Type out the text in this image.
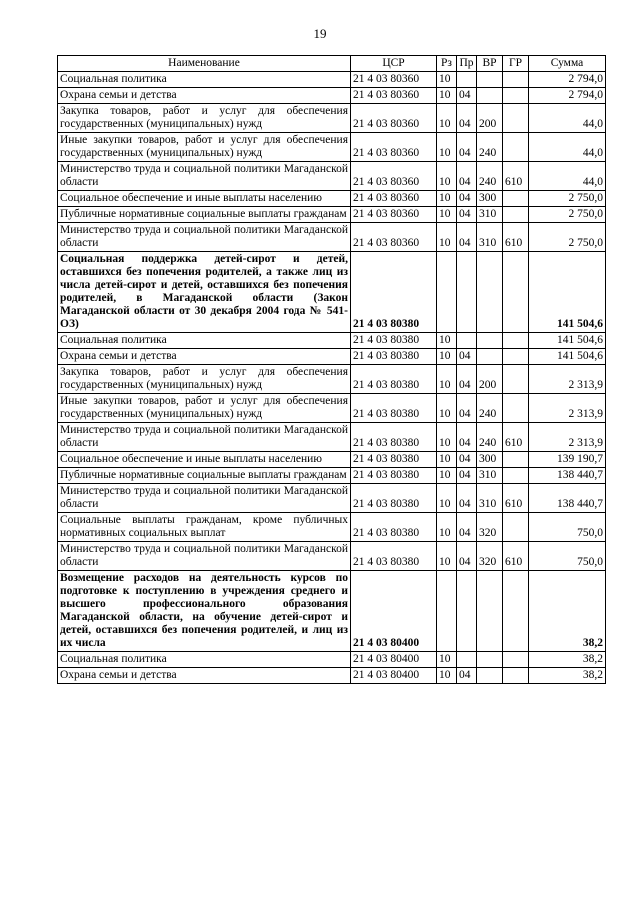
19
Наименование	ЦСР	Рз	Пр	ВР	ГР	Сумма
Социальная политика	21 4 03 80360	10				2 794,0
Охрана семьи и детства	21 4 03 80360	10	04			2 794,0
Закупка товаров, работ и услуг для обеспечения государственных (муниципальных) нужд	21 4 03 80360	10	04	200		44,0
Иные закупки товаров, работ и услуг для обеспечения государственных (муниципальных) нужд	21 4 03 80360	10	04	240		44,0
Министерство труда и социальной политики Магаданской области	21 4 03 80360	10	04	240	610	44,0
Социальное обеспечение и иные выплаты населению	21 4 03 80360	10	04	300		2 750,0
Публичные нормативные социальные выплаты гражданам	21 4 03 80360	10	04	310		2 750,0
Министерство труда и социальной политики Магаданской области	21 4 03 80360	10	04	310	610	2 750,0
Социальная поддержка детей-сирот и детей, оставшихся без попечения родителей, а также лиц из числа детей-сирот и детей, оставшихся без попечения родителей, в Магаданской области (Закон Магаданской области от 30 декабря 2004 года № 541-ОЗ)	21 4 03 80380					141 504,6
Социальная политика	21 4 03 80380	10				141 504,6
Охрана семьи и детства	21 4 03 80380	10	04			141 504,6
Закупка товаров, работ и услуг для обеспечения государственных (муниципальных) нужд	21 4 03 80380	10	04	200		2 313,9
Иные закупки товаров, работ и услуг для обеспечения государственных (муниципальных) нужд	21 4 03 80380	10	04	240		2 313,9
Министерство труда и социальной политики Магаданской области	21 4 03 80380	10	04	240	610	2 313,9
Социальное обеспечение и иные выплаты населению	21 4 03 80380	10	04	300		139 190,7
Публичные нормативные социальные выплаты гражданам	21 4 03 80380	10	04	310		138 440,7
Министерство труда и социальной политики Магаданской области	21 4 03 80380	10	04	310	610	138 440,7
Социальные выплаты гражданам, кроме публичных нормативных социальных выплат	21 4 03 80380	10	04	320		750,0
Министерство труда и социальной политики Магаданской области	21 4 03 80380	10	04	320	610	750,0
Возмещение расходов на деятельность курсов по подготовке к поступлению в учреждения среднего и высшего профессионального образования Магаданской области, на обучение детей-сирот и детей, оставшихся без попечения родителей, и лиц из их числа	21 4 03 80400					38,2
Социальная политика	21 4 03 80400	10				38,2
Охрана семьи и детства	21 4 03 80400	10	04			38,2
